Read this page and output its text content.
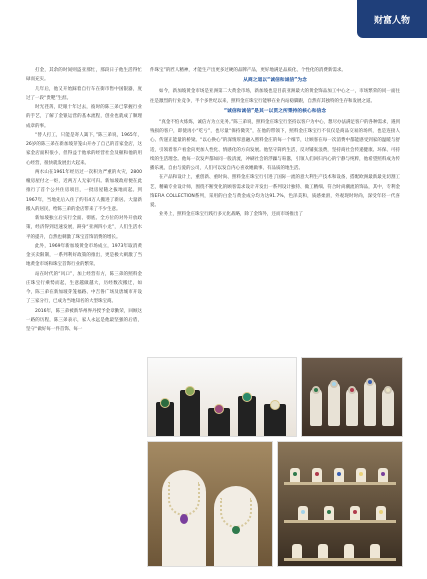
财富人物

打金，其余的时间则盗亚那忙，那段日子他生活得忙碌而充实。

几年后，他又开始踩着自行车在街市售中国银器，度过了一段“贵靶”生涯。

时光荏苒，眨眼十年过去，彼时的陈三弟已掌握行业的手艺，了解了金银运营的基本流程，创业也就成了顺理成章的事。

“替人打工，只能是寄人篱下，”陈三弟说，1965年，26岁的陈三弟在新加坡芽笼山开办了自己的首家金店，这家金店面积很小，但得益于他承的经营社会及顿和他的用心经营，很快就发展出大起来。

两水山在1961年经历过一次积为严重的火灾，2800幢房屋付之一炬，近两万人无家可归。新加坡政府便在此推行了首个公共住房项目，一批房屋随之拔地而起。到1967年，当地先后入住了约有4万人搬进了新居。大量新搬入的居民，给陈三弟的金店带来了不少生意。

新加坡独立后实行全面、彻底、全方位的对外开放政策，经济得到迅速发展，跻身“亚洲四小龙”，人们生活水平的提升，自然也刺激了珠宝首饰消费的增长。

此外，1969年新加坡黄金市场成立，1973年取消黄金买卖限制，一系列利好政策的推出，更是极大刺激了当地黄金市场和珠宝首饰行业的繁荣。

站在时代的“风口”，加上经营有方，陈三弟的照料金庄珠宝行乘势而起，生意越做越大，历经数次搬迁，如今，陈三弟在新加坡芽笼福路、中吉鲁广场及唐城市开设了三家分行，已成为当地知名的大型珠宝商。

2016年，陈三弟被新华州界丹授予金章勤荣，回顾这一路的历程，陈三弟表示，家人永远是他最坚强的后盾，坚守“做好每一件首饰、每一

件珠宝”的匠人精神，才能生产出更多过硬的品牌产品，更好地满足品质化、个性化的消费新需求。

从商之道以“诚信和诚信”为念

如今，新加坡黄金市场是亚洲第二大黄金市场，新加坡也是目前亚洲最大的黄金饰品加工中心之一，市场繁荣的同一面往往是激烈的行业竞争，半个多世纪以来，照料金庄珠宝行能够在业内站稳脚跟，自然有其独特的生存和发展之道。

“诚信和诚信”是其一以贯之所秉持的核心和信念

“真金不怕火炼炼，诚信方为立先务。”陈三弟说，照料金庄珠宝行坚持以客户为中心，想尽办法满足客户的各种需求，遇到残损的客户，即使再小“吃亏”，也尽量“保持微笑”，在他的带领下，照料金庄珠宝行不仅仅是商品交易的场所，也是连接人心、传递正能量的桥梁。“以心换心”的深情厚意融入照料金庄的每一个细节，让顾客在每一次消费中都能感受到家的温暖与舒适，引领着客户看金向更加人性化、情感化的方向发展。他坚守简约生活，反对铺张浪费，坚持商社会传递健康、环保、可持续的生活理念。他每一次发声都如同一般清流，冲刷社会的浮躁与喧嚣，引领人们回归内心的宁静与纯粹，他希望照料成为传播乐观、自由与爱的公司，人们可以发自内心喜欢她做事、有品质的地生活。

在产品和设计上，重创新、重时尚、照料金庄珠宝行引进了国际一流的意大利生产技术和设备，搭配欧洲最新最先切割工艺，精确专业设计师，围绕不断变化的顾客需求设计开发出一系列设计独特、做工精细、符合时尚潮流的饰品，其中，专利金饰EFIA COLLECTION系列，采用的白金与黄金成分均为达91.7%，色泽美和，质感柔滑，外观现时时尚，深受年轻一代喜爱。

业务上，照料金庄珠宝行践行多元化战略，除了金饰外，还而市场推出了
